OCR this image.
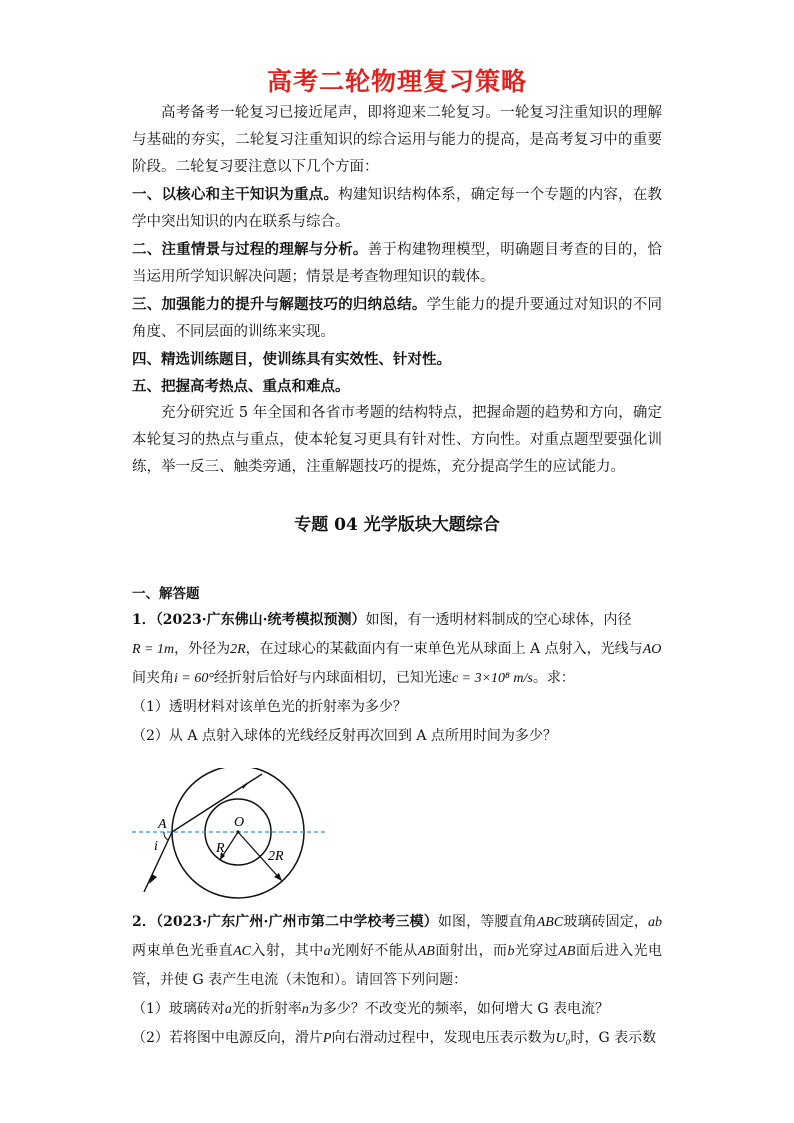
高考二轮物理复习策略

高考备考一轮复习已接近尾声，即将迎来二轮复习。一轮复习注重知识的理解与基础的夯实，二轮复习注重知识的综合运用与能力的提高，是高考复习中的重要阶段。二轮复习要注意以下几个方面：

一、以核心和主干知识为重点。构建知识结构体系，确定每一个专题的内容，在教学中突出知识的内在联系与综合。

二、注重情景与过程的理解与分析。善于构建物理模型，明确题目考查的目的，恰当运用所学知识解决问题；情景是考查物理知识的载体。

三、加强能力的提升与解题技巧的归纳总结。学生能力的提升要通过对知识的不同角度、不同层面的训练来实现。

四、精选训练题目，使训练具有实效性、针对性。

五、把握高考热点、重点和难点。

充分研究近 5 年全国和各省市考题的结构特点，把握命题的趋势和方向，确定本轮复习的热点与重点，使本轮复习更具有针对性、方向性。对重点题型要强化训练，举一反三、触类旁通，注重解题技巧的提炼，充分提高学生的应试能力。

专题 04 光学版块大题综合

一、解答题

1．（2023·广东佛山·统考模拟预测）如图，有一透明材料制成的空心球体，内径
R = 1m，外径为2R，在过球心的某截面内有一束单色光从球面上 A 点射入，光线与AO
间夹角i = 60°经折射后恰好与内球面相切，已知光速c = 3×10⁸ m/s。求：

（1）透明材料对该单色光的折射率为多少？

（2）从 A 点射入球体的光线经反射再次回到 A 点所用时间为多少？

A	O
i	R
2R

2．（2023·广东广州·广州市第二中学校考三模）如图，等腰直角ABC玻璃砖固定，ab两束单色光垂直AC入射，其中a光刚好不能从AB面射出，而b光穿过AB面后进入光电管，并使 G 表产生电流（未饱和）。请回答下列问题：

（1）玻璃砖对a光的折射率n为多少？不改变光的频率，如何增大 G 表电流？

（2）若将图中电源反向，滑片P向右滑动过程中，发现电压表示数为U₀时，G 表示数
